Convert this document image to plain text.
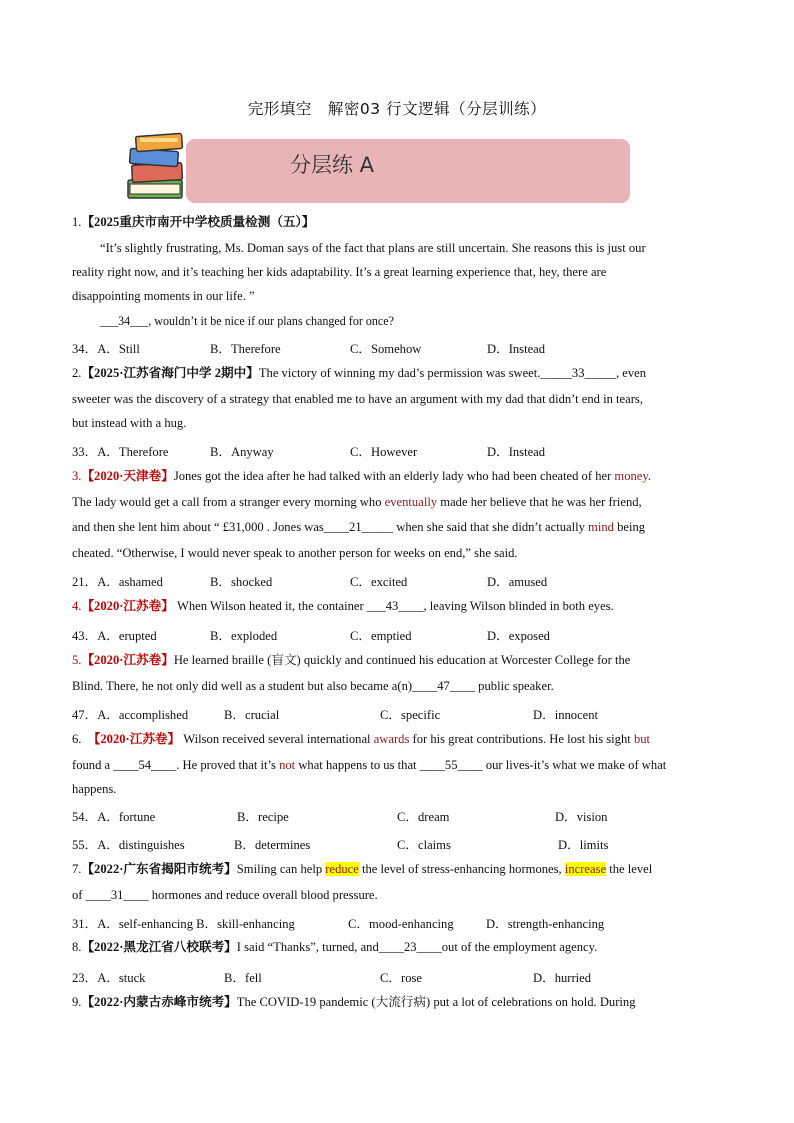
完形填空　解密03 行文逻辑（分层训练）
分层练 A
1.【2025重庆市南开中学校质量检测（五）】
“It’s slightly frustrating, Ms. Doman says of the fact that plans are still uncertain. She reasons this is just our
reality right now, and it’s teaching her kids adaptability. It’s a great learning experience that, hey, there are
disappointing moments in our life. ”
___34___, wouldn’t it be nice if our plans changed for once?
34．A．Still	B．Therefore	C．Somehow	D．Instead
2.【2025·江苏省海门中学 2期中】The victory of winning my dad’s permission was sweet._____33_____, even
sweeter was the discovery of a strategy that enabled me to have an argument with my dad that didn’t end in tears,
but instead with a hug.
33．A．Therefore	B．Anyway	C．However	D．Instead
3.【2020·天津卷】Jones got the idea after he had talked with an elderly lady who had been cheated of her money.
The lady would get a call from a stranger every morning who eventually made her believe that he was her friend,
and then she lent him about “ £31,000 . Jones was____21_____ when she said that she didn’t actually mind being
cheated. “Otherwise, I would never speak to another person for weeks on end,” she said.
21．A．ashamed	B．shocked	C．excited	D．amused
4.【2020·江苏卷】 When Wilson heated it, the container ___43____, leaving Wilson blinded in both eyes.
43．A．erupted	B．exploded	C．emptied	D．exposed
5.【2020·江苏卷】He learned braille (盲文) quickly and continued his education at Worcester College for the
Blind. There, he not only did well as a student but also became a(n)____47____ public speaker.
47．A．accomplished	B．crucial	C．specific	D．innocent
6. 【2020·江苏卷】 Wilson received several international awards for his great contributions. He lost his sight but
found a ____54____. He proved that it’s not what happens to us that ____55____ our lives-it’s what we make of what
happens.
54．A．fortune	B．recipe	C．dream	D．vision
55．A．distinguishes	B．determines	C．claims	D．limits
7.【2022·广东省揭阳市统考】Smiling can help reduce the level of stress-enhancing hormones, increase the level
of ____31____ hormones and reduce overall blood pressure.
31．A．self-enhancing B．skill-enhancing	C．mood-enhancing	D．strength-enhancing
8.【2022·黑龙江省八校联考】I said “Thanks”, turned, and____23____out of the employment agency.
23．A．stuck	B．fell	C．rose	D．hurried
9.【2022·内蒙古赤峰市统考】The COVID-19 pandemic (大流行病) put a lot of celebrations on hold. During
